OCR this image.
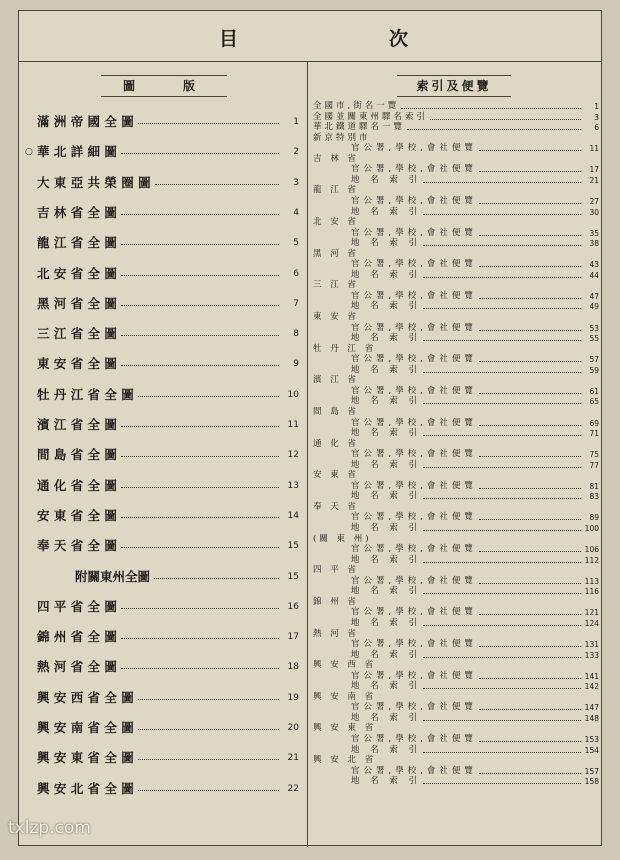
目	次
圖	版	索引及便覽
滿 洲 帝 國 全 圖	1
○ 華 北 詳 細 圖	2
大 東 亞 共 榮 圈 圖	3
吉 林 省 全 圖	4
龍 江 省 全 圖	5
北 安 省 全 圖	6
黑 河 省 全 圖	7
三 江 省 全 圖	8
東 安 省 全 圖	9
牡 丹 江 省 全 圖	10
濱 江 省 全 圖	11
間 島 省 全 圖	12
通 化 省 全 圖	13
安 東 省 全 圖	14
奉 天 省 全 圖	15
附關東州全圖	15
四 平 省 全 圖	16
錦 州 省 全 圖	17
熱 河 省 全 圖	18
興 安 西 省 全 圖	19
興 安 南 省 全 圖	20
興 安 東 省 全 圖	21
興 安 北 省 全 圖	22
全國市,街名一覽	1
全國並關東州驛名索引	3
華北鐵道驛名一覽	6
新京特別市
官公署,學校,會社便覽	11
吉 林 省
官公署,學校,會社便覽	17
地 名 索 引	21
龍 江 省
官公署,學校,會社便覽	27
地 名 索 引	30
北 安 省
官公署,學校,會社便覽	35
地 名 索 引	38
黑 河 省
官公署,學校,會社便覽	43
地 名 索 引	44
三 江 省
官公署,學校,會社便覽	47
地 名 索 引	49
東 安 省
官公署,學校,會社便覽	53
地 名 索 引	55
牡 丹 江 省
官公署,學校,會社便覽	57
地 名 索 引	59
濱 江 省
官公署,學校,會社便覽	61
地 名 索 引	65
間 島 省
官公署,學校,會社便覽	69
地 名 索 引	71
通 化 省
官公署,學校,會社便覽	75
地 名 索 引	77
安 東 省
官公署,學校,會社便覽	81
地 名 索 引	83
奉 天 省
官公署,學校,會社便覽	89
地 名 索 引	100
(關 東 州)
官公署,學校,會社便覽	106
地 名 索 引	112
四 平 省
官公署,學校,會社便覽	113
地 名 索 引	116
錦 州 省
官公署,學校,會社便覽	121
地 名 索 引	124
熱 河 省
官公署,學校,會社便覽	131
地 名 索 引	133
興 安 西 省
官公署,學校,會社便覽	141
地 名 索 引	142
興 安 南 省
官公署,學校,會社便覽	147
地 名 索 引	148
興 安 東 省
官公署,學校,會社便覽	153
地 名 索 引	154
興 安 北 省
官公署,學校,會社便覽	157
地 名 索 引	158
txlzp.com
